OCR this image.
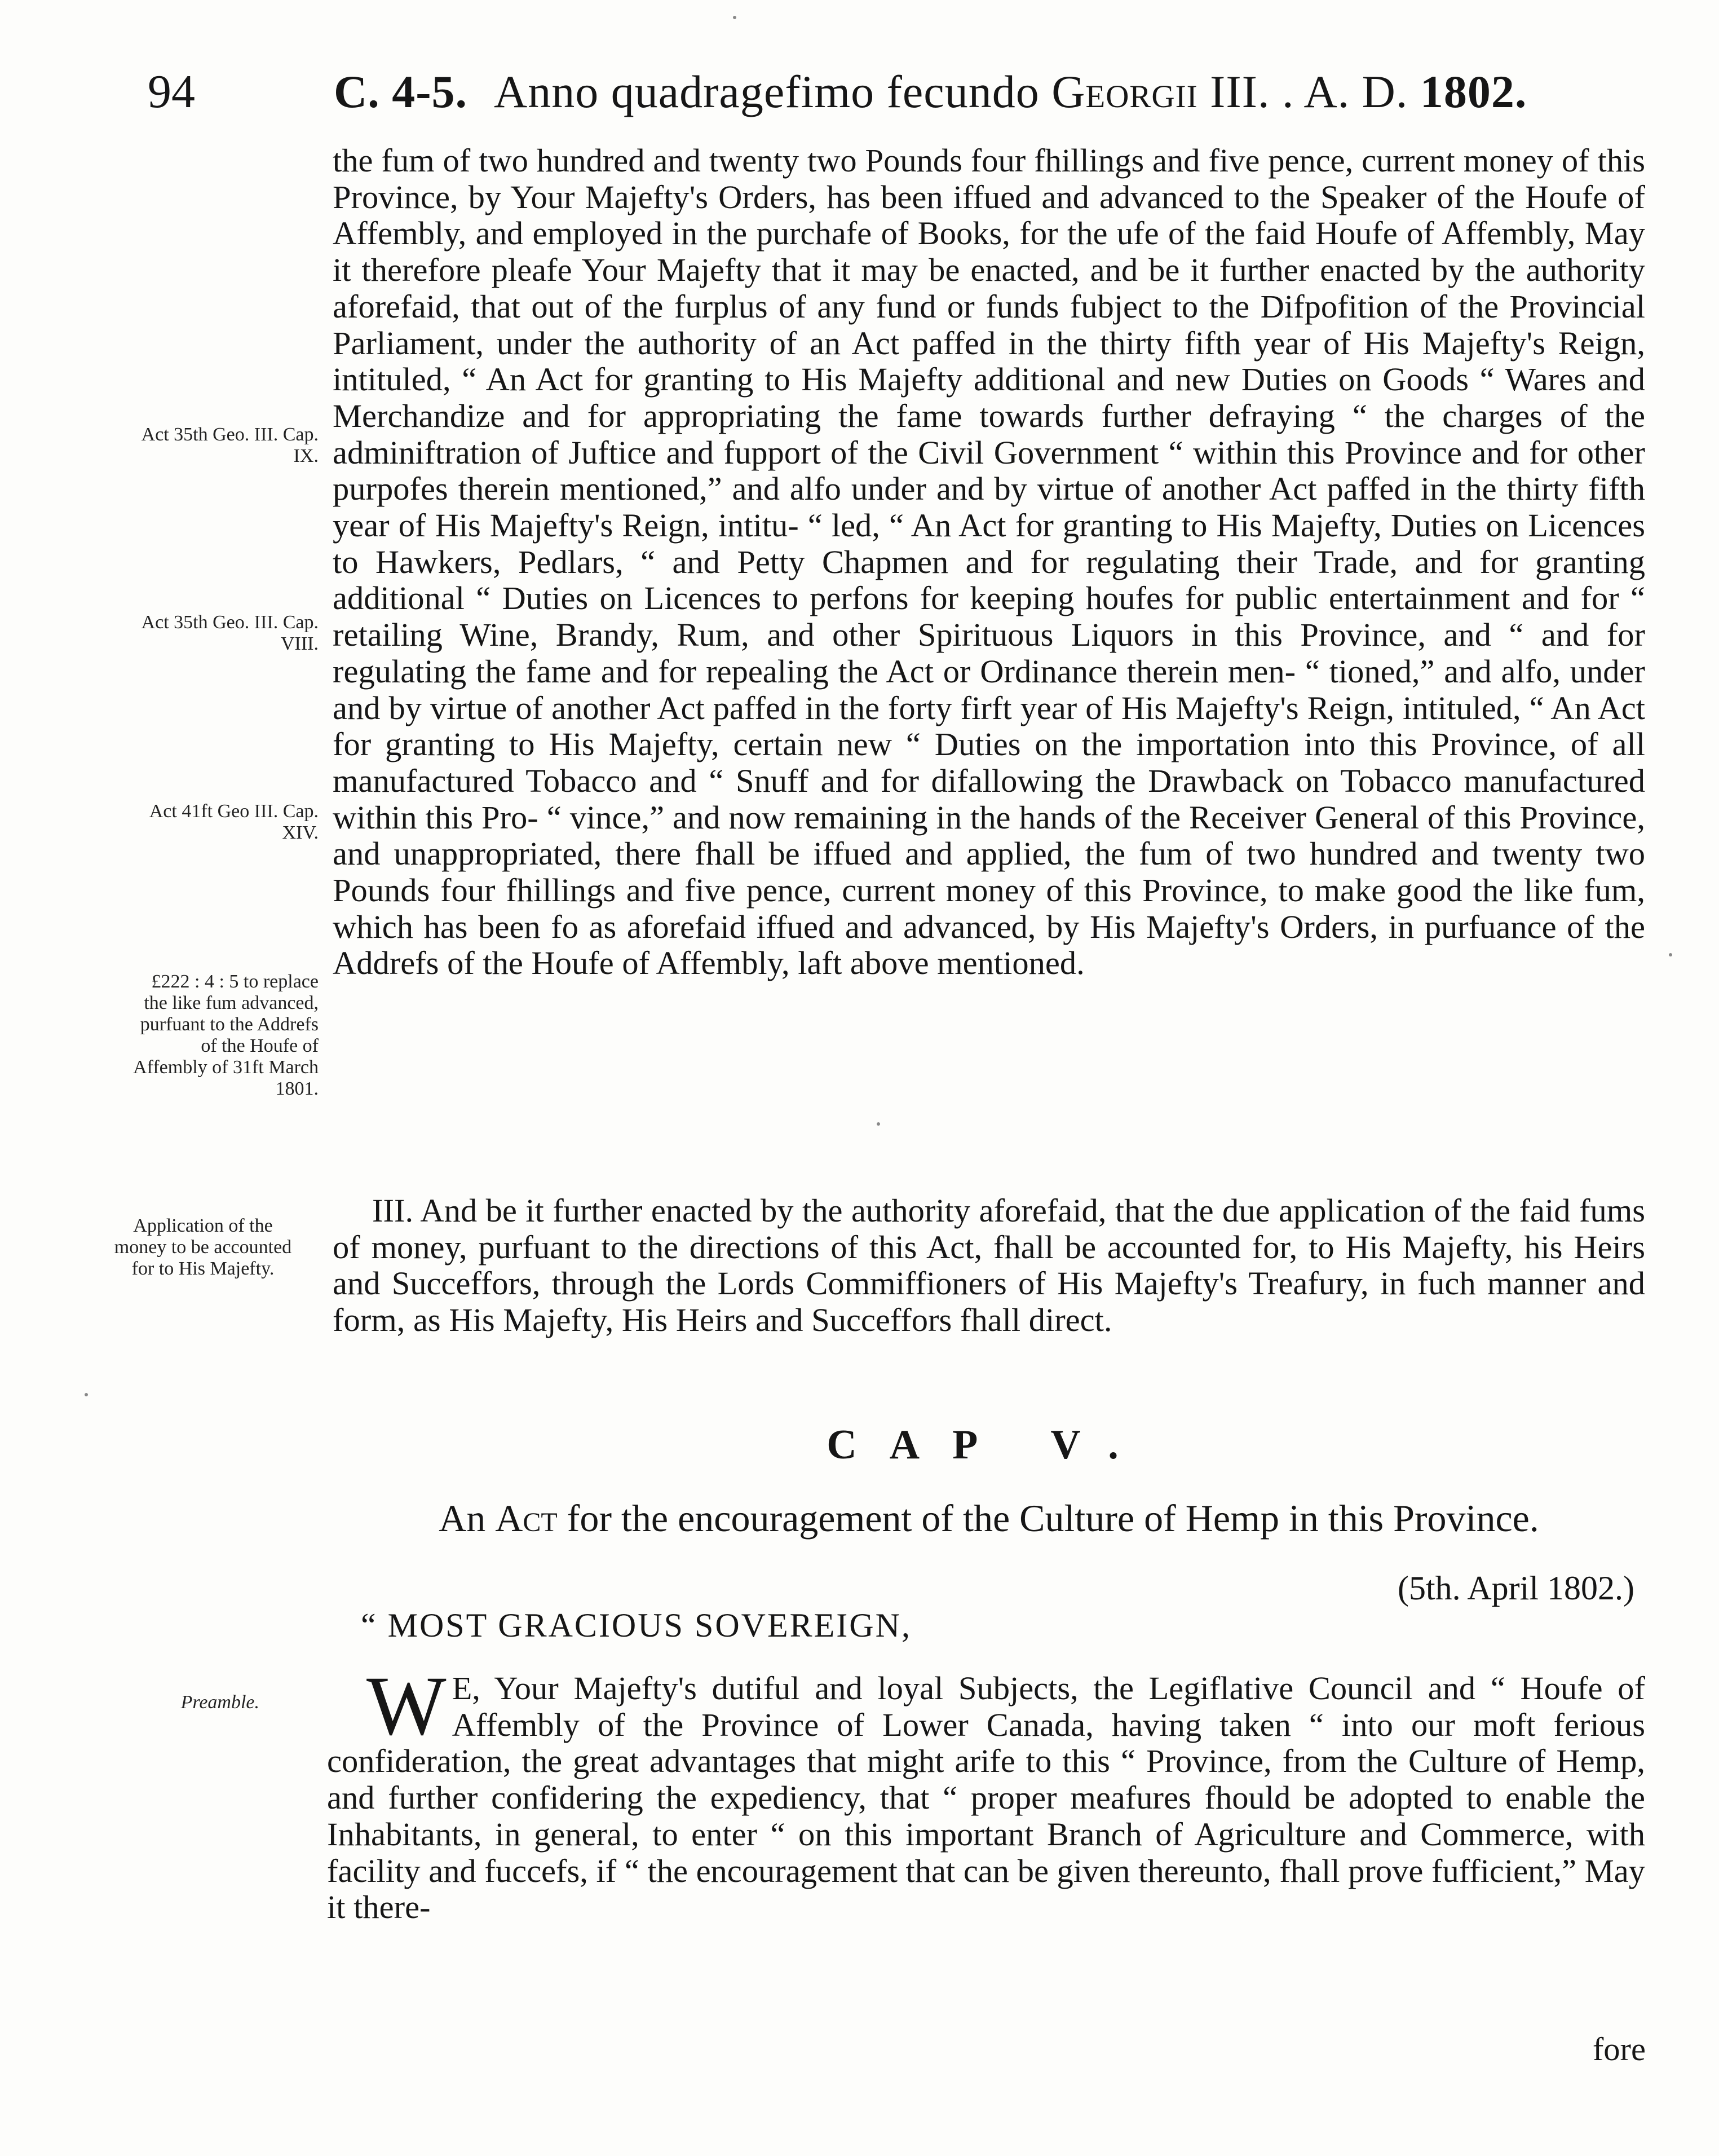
94	C. 4-5. Anno quadragefimo fecundo Georgii III. . A. D. 1802.
Act 35th Geo. III. Cap. IX.
Act 35th Geo. III. Cap. VIII.
Act 41ft Geo III. Cap. XIV.
£222 : 4 : 5 to replace the like fum advanced, purfuant to the Addrefs of the Houfe of Affembly of 31ft March 1801.
Application of the money to be accounted for to His Majefty.
Preamble.

the fum of two hundred and twenty two Pounds four fhillings and five pence, current money of this Province, by Your Majefty's Orders, has been iffued and advanced to the Speaker of the Houfe of Affembly, and employed in the purchafe of Books, for the ufe of the faid Houfe of Affembly, May it therefore pleafe Your Majefty that it may be enacted, and be it further enacted by the authority aforefaid, that out of the furplus of any fund or funds fubject to the Difpofition of the Provincial Parliament, under the authority of an Act paffed in the thirty fifth year of His Majefty's Reign, intituled, “ An Act for granting to His Majefty additional and new Duties on Goods “ Wares and Merchandize and for appropriating the fame towards further defraying “ the charges of the adminiftration of Juftice and fupport of the Civil Government “ within this Province and for other purpofes therein mentioned,” and alfo under and by virtue of another Act paffed in the thirty fifth year of His Majefty's Reign, intitu- “ led, “ An Act for granting to His Majefty, Duties on Licences to Hawkers, Pedlars, “ and Petty Chapmen and for regulating their Trade, and for granting additional “ Duties on Licences to perfons for keeping houfes for public entertainment and for “ retailing Wine, Brandy, Rum, and other Spirituous Liquors in this Province, and “ and for regulating the fame and for repealing the Act or Ordinance therein men- “ tioned,” and alfo, under and by virtue of another Act paffed in the forty firft year of His Majefty's Reign, intituled, “ An Act for granting to His Majefty, certain new “ Duties on the importation into this Province, of all manufactured Tobacco and “ Snuff and for difallowing the Drawback on Tobacco manufactured within this Pro- “ vince,” and now remaining in the hands of the Receiver General of this Province, and unappropriated, there fhall be iffued and applied, the fum of two hundred and twenty two Pounds four fhillings and five pence, current money of this Province, to make good the like fum, which has been fo as aforefaid iffued and advanced, by His Majefty's Orders, in purfuance of the Addrefs of the Houfe of Affembly, laft above mentioned.

III. And be it further enacted by the authority aforefaid, that the due application of the faid fums of money, purfuant to the directions of this Act, fhall be accounted for, to His Majefty, his Heirs and Succeffors, through the Lords Commiffioners of His Majefty's Treafury, in fuch manner and form, as His Majefty, His Heirs and Succeffors fhall direct.

CAP V.
An Act for the encouragement of the Culture of Hemp in this Province.
(5th. April 1802.)
“ MOST GRACIOUS SOVEREIGN,
W E, Your Majefty's dutiful and loyal Subjects, the Legiflative Council and “ Houfe of Affembly of the Province of Lower Canada, having taken “ into our moft ferious confideration, the great advantages that might arife to this “ Province, from the Culture of Hemp, and further confidering the expediency, that “ proper meafures fhould be adopted to enable the Inhabitants, in general, to enter “ on this important Branch of Agriculture and Commerce, with facility and fuccefs, if “ the encouragement that can be given thereunto, fhall prove fufficient,” May it there-
fore
